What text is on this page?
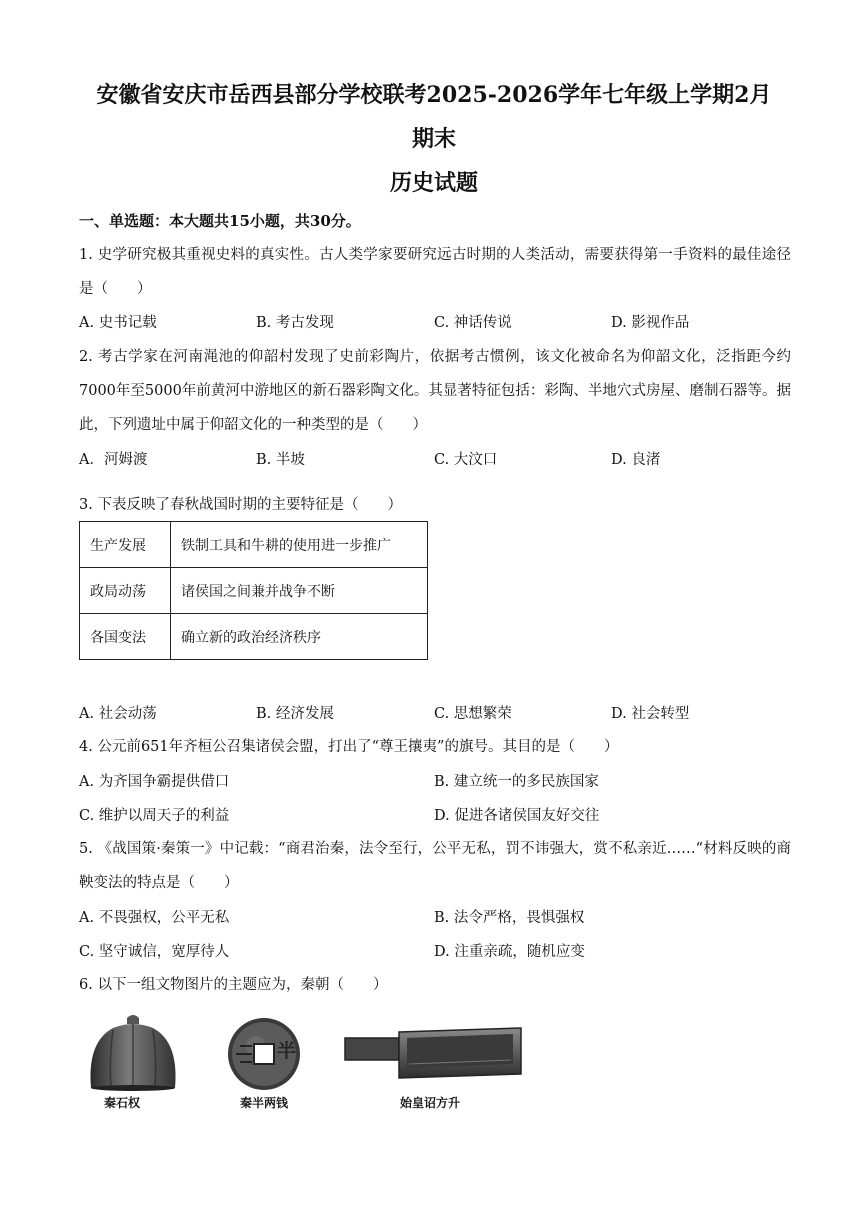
安徽省安庆市岳西县部分学校联考2025-2026学年七年级上学期2月
期末
历史试题
一、单选题：本大题共15小题，共30分。
1. 史学研究极其重视史料的真实性。古人类学家要研究远古时期的人类活动，需要获得第一手资料的最佳途径是（　　）
A. 史书记载	B. 考古发现	C. 神话传说	D. 影视作品
2. 考古学家在河南渑池的仰韶村发现了史前彩陶片，依据考古惯例，该文化被命名为仰韶文化，泛指距今约7000年至5000年前黄河中游地区的新石器彩陶文化。其显著特征包括：彩陶、半地穴式房屋、磨制石器等。据此，下列遗址中属于仰韶文化的一种类型的是（　　）
A．河姆渡	B. 半坡	C. 大汶口	D. 良渚
3. 下表反映了春秋战国时期的主要特征是（　　）
生产发展	铁制工具和牛耕的使用进一步推广
政局动荡	诸侯国之间兼并战争不断
各国变法	确立新的政治经济秩序
A. 社会动荡	B. 经济发展	C. 思想繁荣	D. 社会转型
4. 公元前651年齐桓公召集诸侯会盟，打出了“尊王攘夷”的旗号。其目的是（　　）
A. 为齐国争霸提供借口	B. 建立统一的多民族国家
C. 维护以周天子的利益	D. 促进各诸侯国友好交往
5. 《战国策·秦策一》中记载：“商君治秦，法令至行，公平无私，罚不讳强大，赏不私亲近……“材料反映的商鞅变法的特点是（　　）
A. 不畏强权，公平无私	B. 法令严格，畏惧强权
C. 坚守诚信，宽厚待人	D. 注重亲疏，随机应变
6. 以下一组文物图片的主题应为，秦朝（　　）
秦石权
半
秦半两钱	始皇诏方升
